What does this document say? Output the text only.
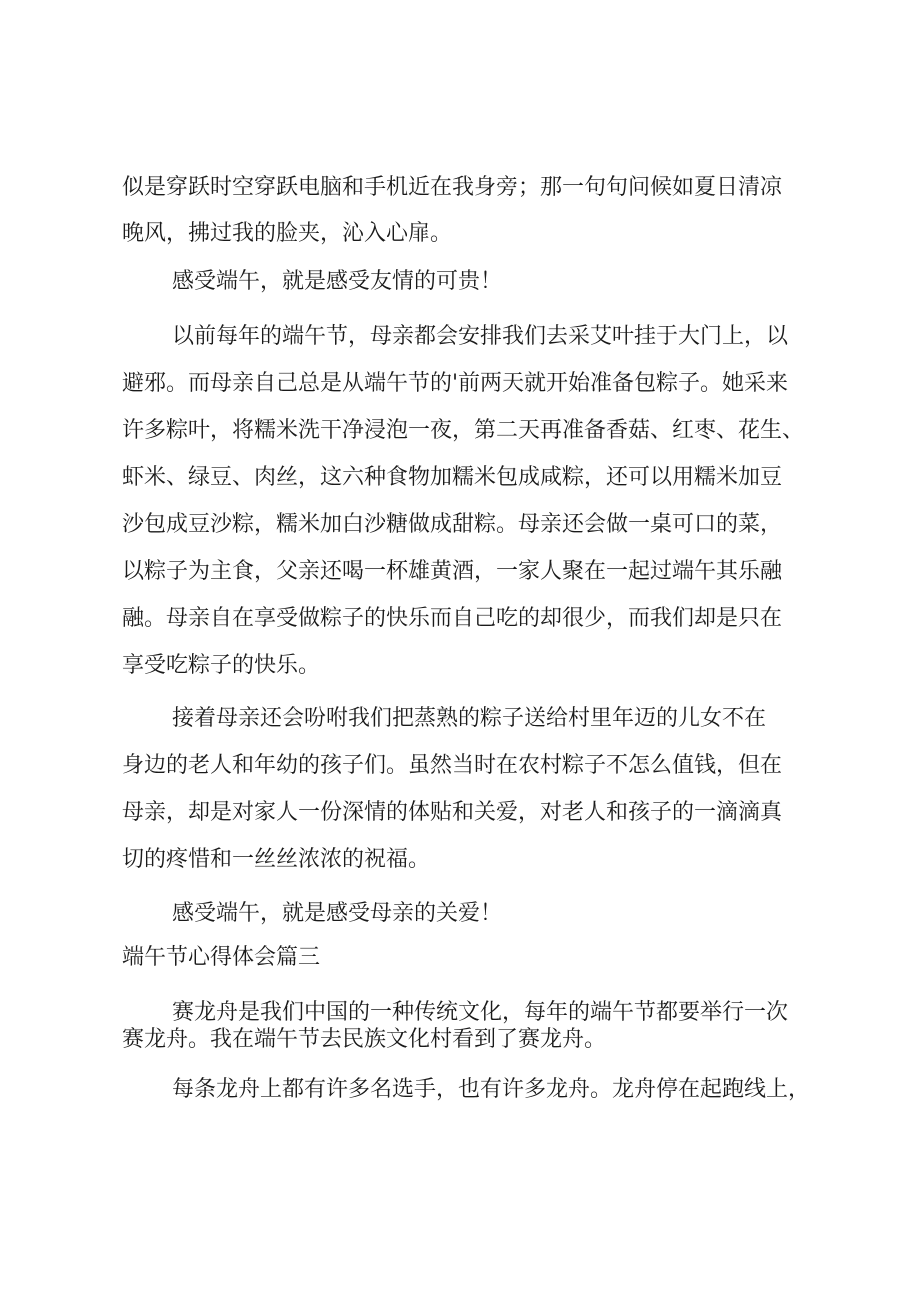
似是穿跃时空穿跃电脑和手机近在我身旁；那一句句问候如夏日清凉
晚风，拂过我的脸夹，沁入心扉。
感受端午，就是感受友情的可贵！
以前每年的端午节，母亲都会安排我们去采艾叶挂于大门上，以
避邪。而母亲自己总是从端午节的'前两天就开始准备包粽子。她采来
许多粽叶，将糯米洗干净浸泡一夜，第二天再准备香菇、红枣、花生、
虾米、绿豆、肉丝，这六种食物加糯米包成咸粽，还可以用糯米加豆
沙包成豆沙粽，糯米加白沙糖做成甜粽。母亲还会做一桌可口的菜，
以粽子为主食，父亲还喝一杯雄黄酒，一家人聚在一起过端午其乐融
融。母亲自在享受做粽子的快乐而自己吃的却很少，而我们却是只在
享受吃粽子的快乐。
接着母亲还会吩咐我们把蒸熟的粽子送给村里年迈的儿女不在
身边的老人和年幼的孩子们。虽然当时在农村粽子不怎么值钱，但在
母亲，却是对家人一份深情的体贴和关爱，对老人和孩子的一滴滴真
切的疼惜和一丝丝浓浓的祝福。
感受端午，就是感受母亲的关爱！
端午节心得体会篇三
赛龙舟是我们中国的一种传统文化，每年的端午节都要举行一次
赛龙舟。我在端午节去民族文化村看到了赛龙舟。
每条龙舟上都有许多名选手，也有许多龙舟。龙舟停在起跑线上，
